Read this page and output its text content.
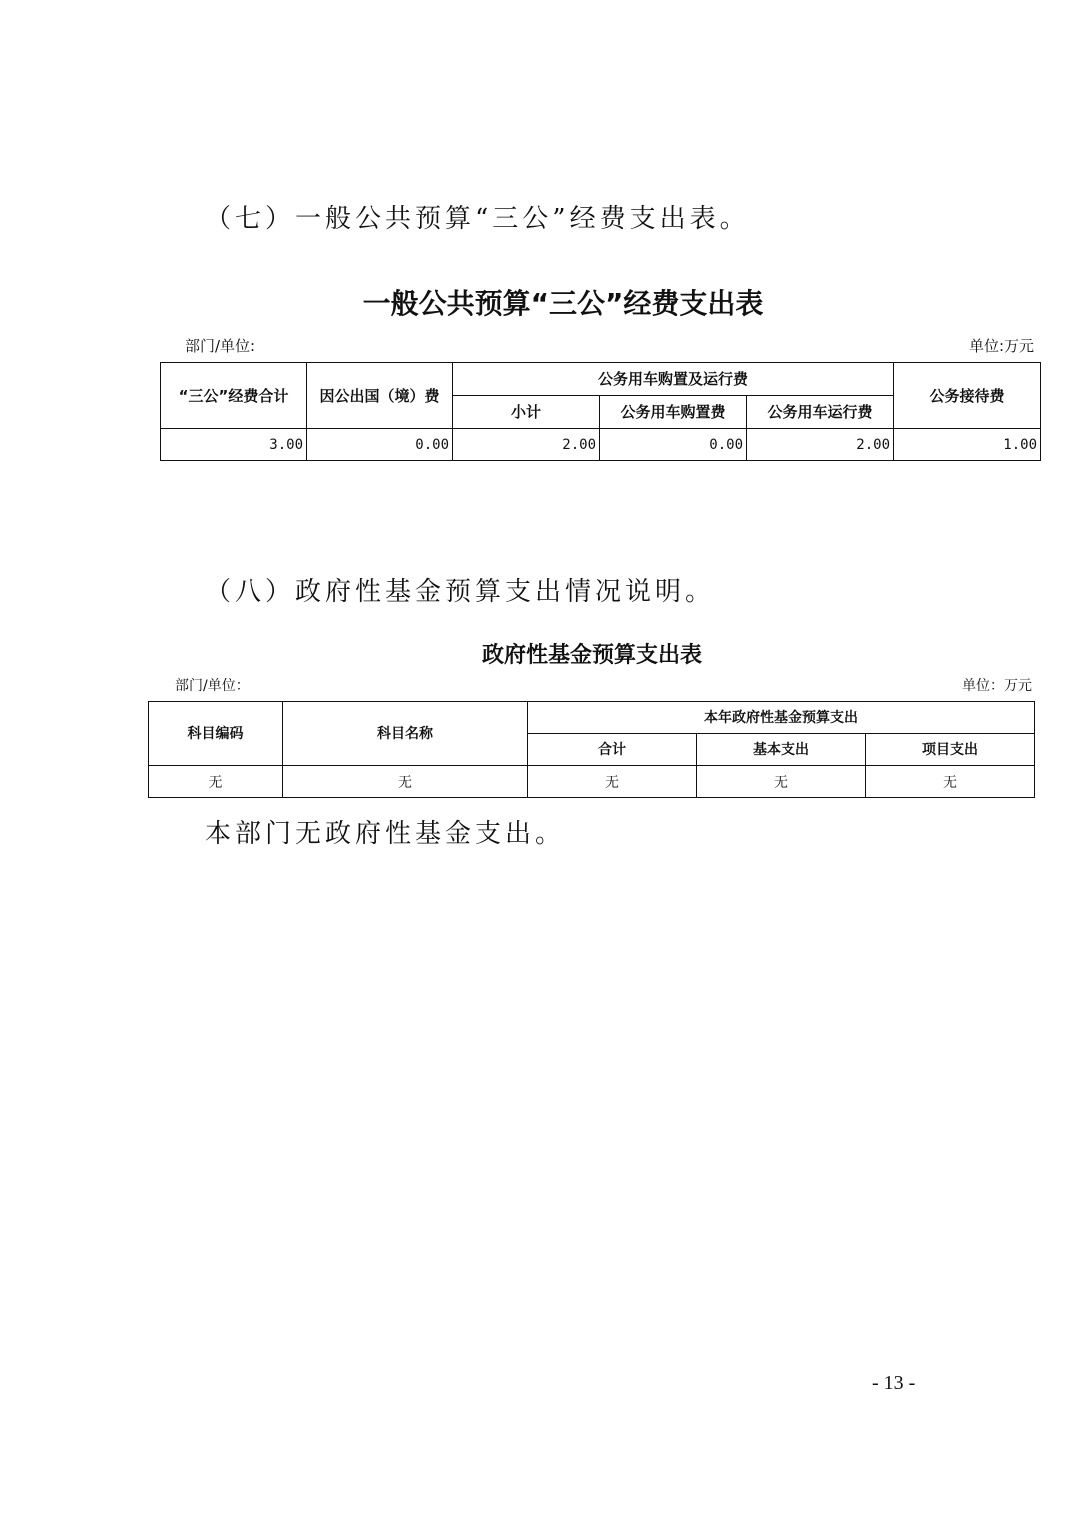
（七）一般公共预算“三公”经费支出表。
一般公共预算“三公”经费支出表
部门/单位:	单位:万元
“三公”经费合计	因公出国（境）费	公务用车购置及运行费			公务接待费
		小计	公务用车购置费	公务用车运行费	
3.00	0.00	2.00	0.00	2.00	1.00
（八）政府性基金预算支出情况说明。
政府性基金预算支出表
部门/单位：	单位：万元
科目编码	科目名称	本年政府性基金预算支出		
		合计	基本支出	项目支出
无	无	无	无	无

本部门无政府性基金支出。

- 13 -
